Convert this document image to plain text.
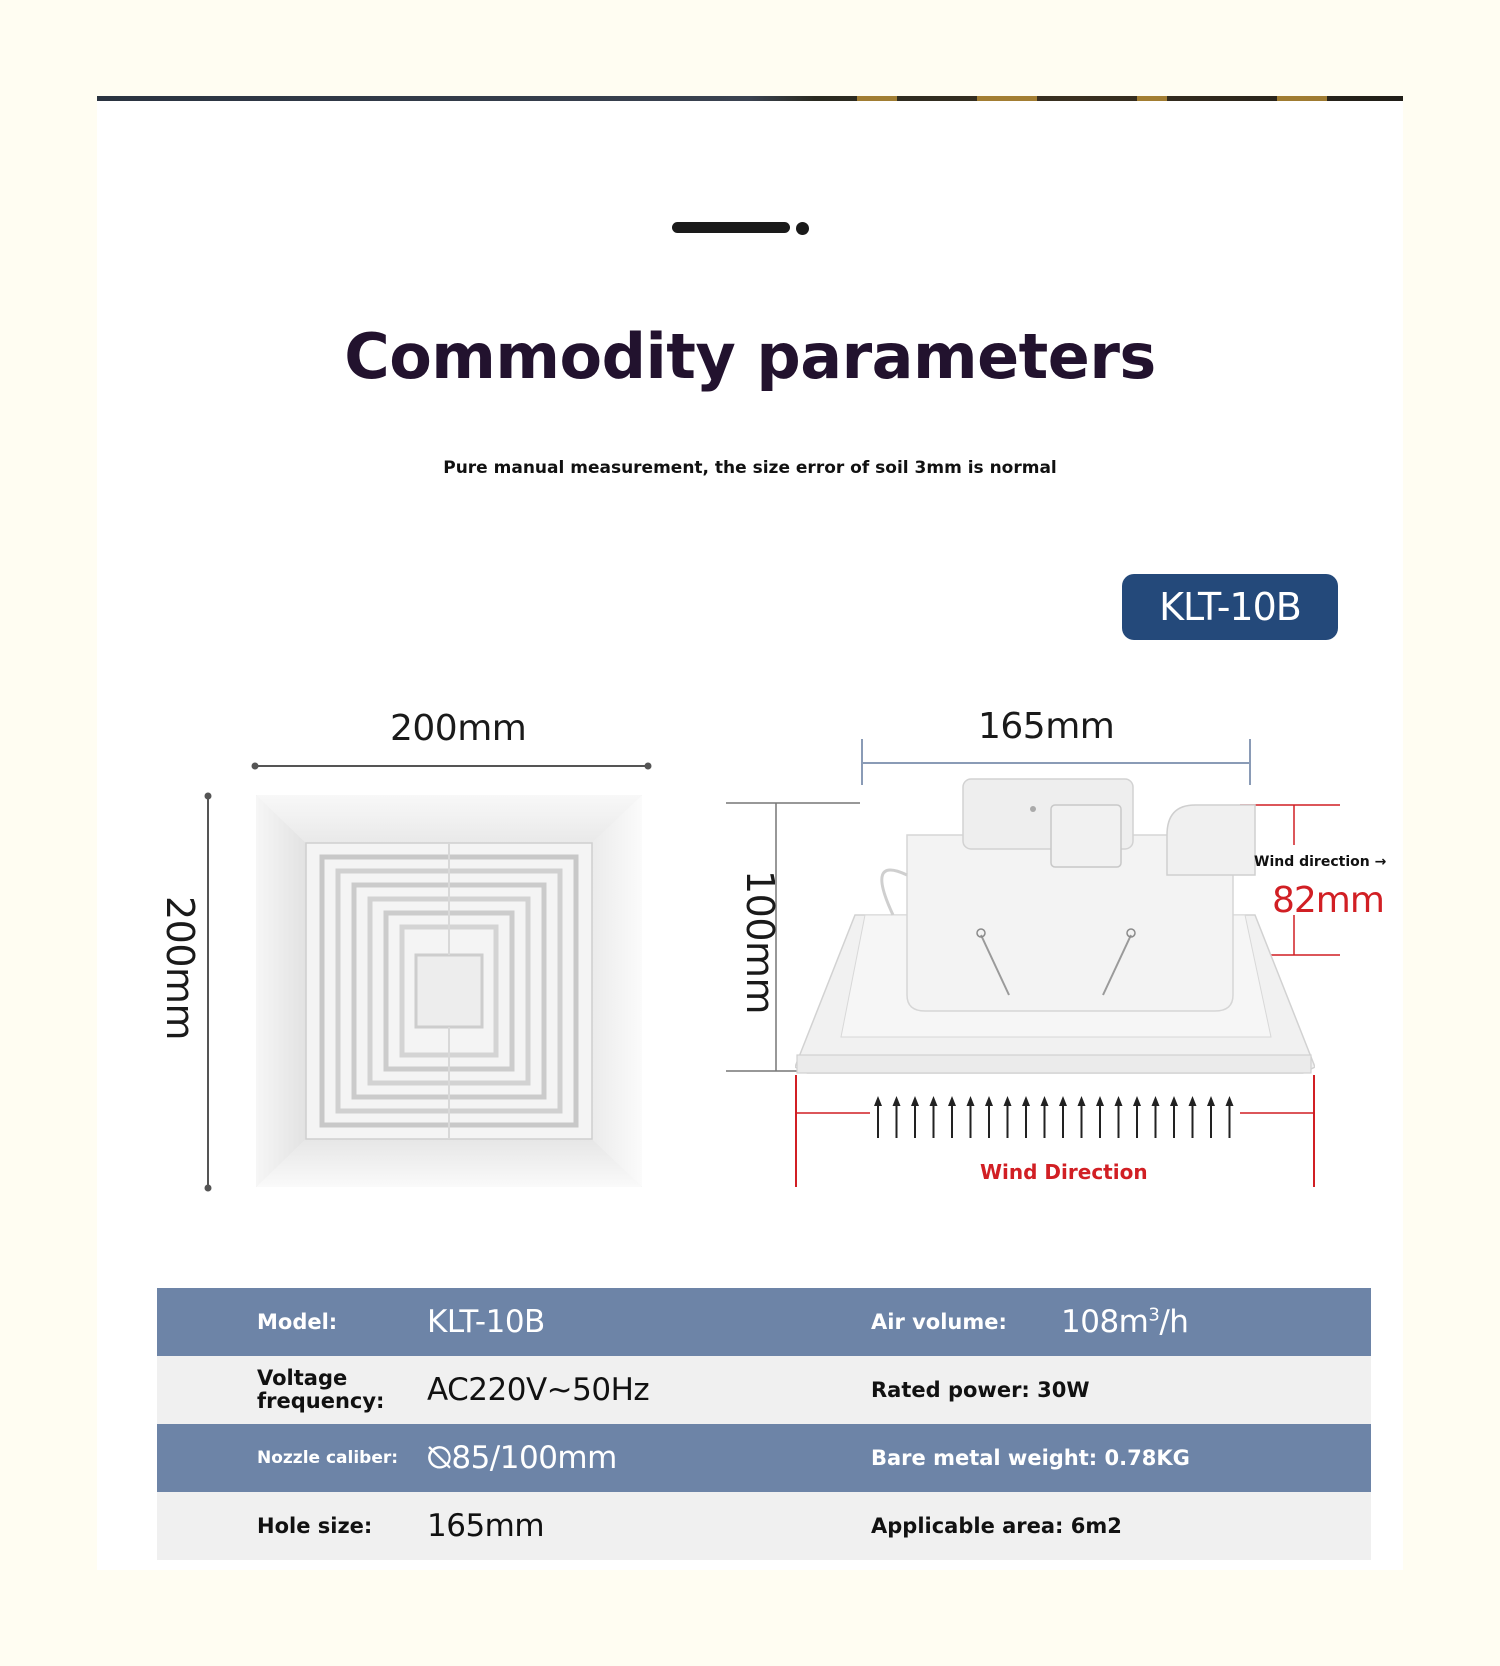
Commodity parameters
Pure manual measurement, the size error of soil 3mm is normal
KLT-10B
200mm
200mm
165mm
100mm
Wind direction →
82mm
Wind Direction
	Model:	KLT-10B	Air volume:	$108m^3/h$

	Voltage frequency:	AC220V~50Hz	Rated power: 30W	
	Nozzle caliber:	⦰85/100mm	Bare metal weight: 0.78KG	
	Hole size:	165mm	Applicable area: 6m2	
